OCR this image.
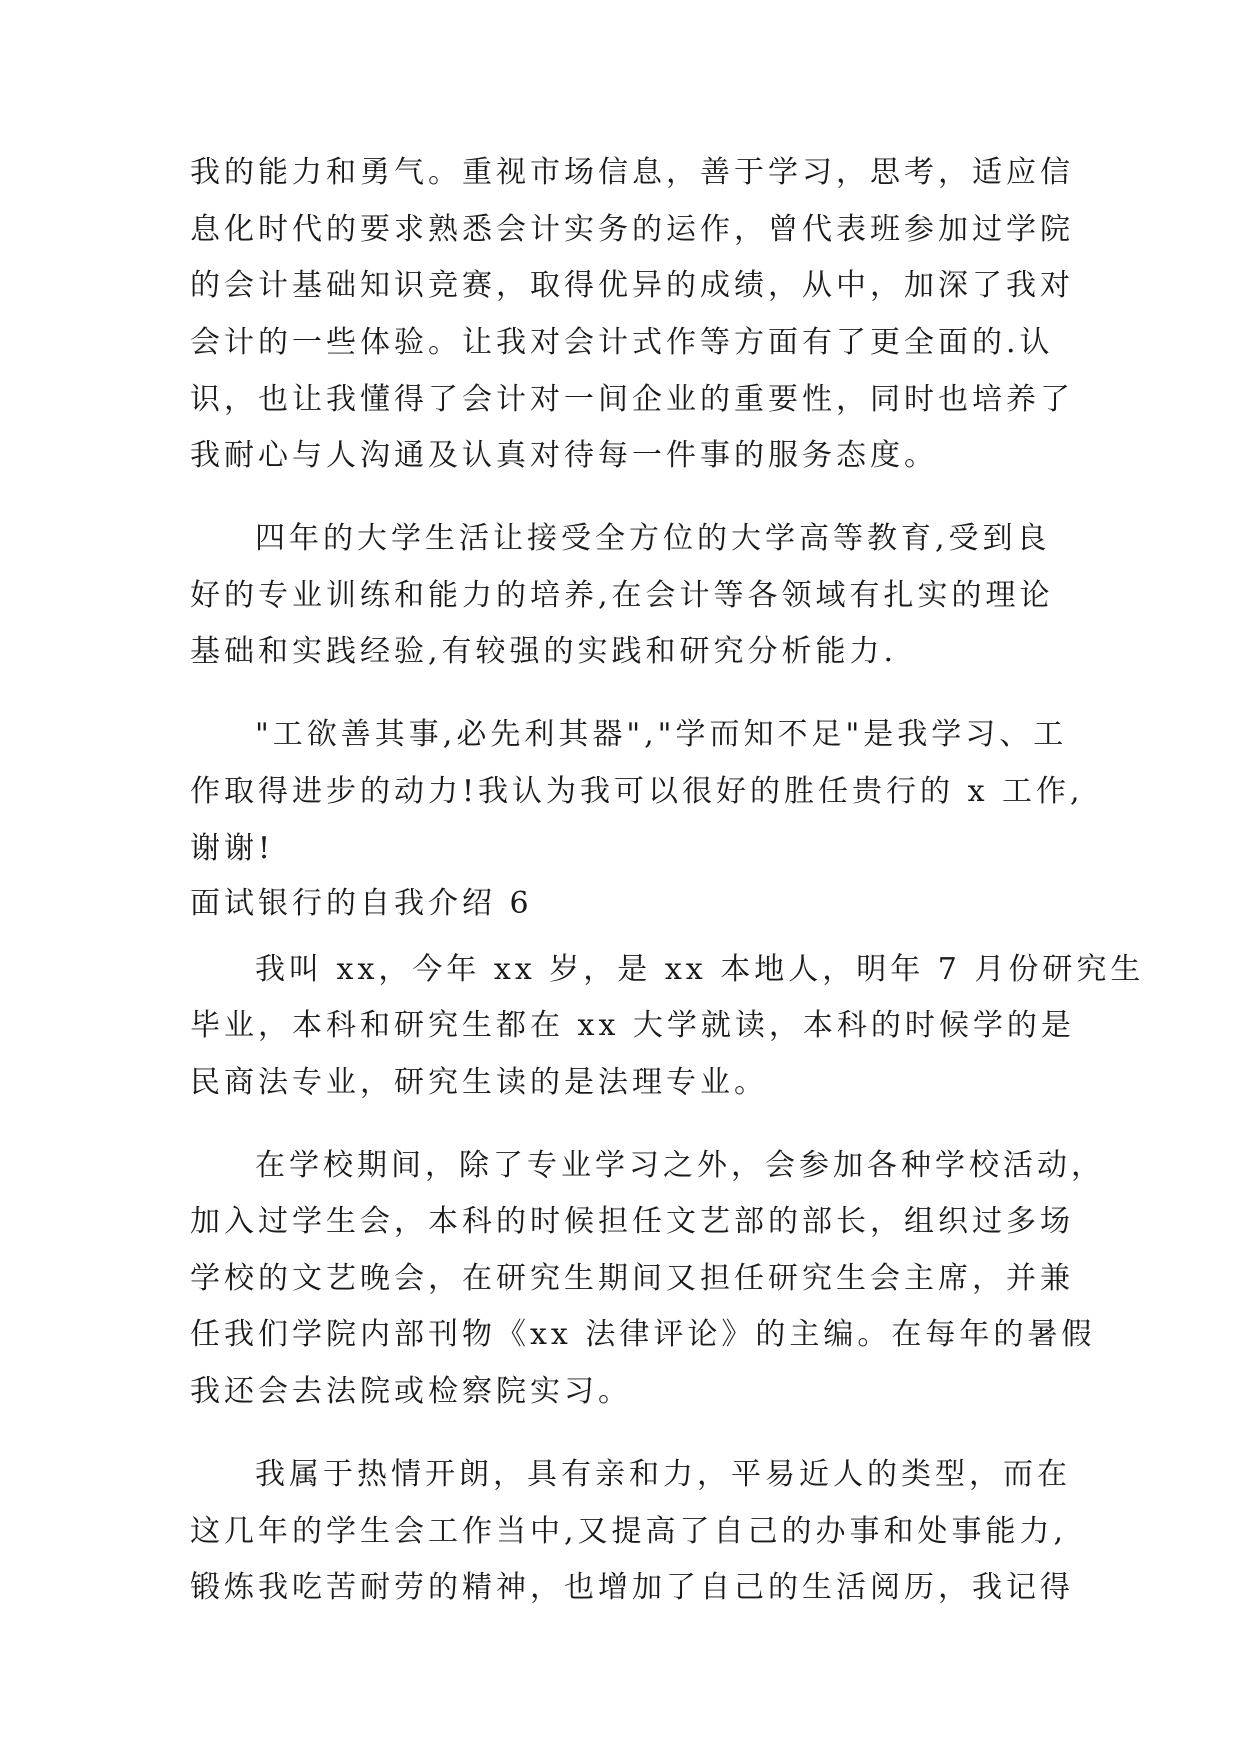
我的能力和勇气。重视市场信息，善于学习，思考，适应信
息化时代的要求熟悉会计实务的运作，曾代表班参加过学院
的会计基础知识竞赛，取得优异的成绩，从中，加深了我对
会计的一些体验。让我对会计式作等方面有了更全面的.认
识，也让我懂得了会计对一间企业的重要性，同时也培养了
我耐心与人沟通及认真对待每一件事的服务态度。
四年的大学生活让接受全方位的大学高等教育,受到良
好的专业训练和能力的培养,在会计等各领域有扎实的理论
基础和实践经验,有较强的实践和研究分析能力.
"工欲善其事,必先利其器","学而知不足"是我学习、工
作取得进步的动力!我认为我可以很好的胜任贵行的 x 工作,
谢谢!
面试银行的自我介绍 6
我叫 xx，今年 xx 岁，是 xx 本地人，明年 7 月份研究生
毕业，本科和研究生都在 xx 大学就读，本科的时候学的是
民商法专业，研究生读的是法理专业。
在学校期间，除了专业学习之外，会参加各种学校活动，
加入过学生会，本科的时候担任文艺部的部长，组织过多场
学校的文艺晚会，在研究生期间又担任研究生会主席，并兼
任我们学院内部刊物《xx 法律评论》的主编。在每年的暑假
我还会去法院或检察院实习。
我属于热情开朗，具有亲和力，平易近人的类型，而在
这几年的学生会工作当中,又提高了自己的办事和处事能力,
锻炼我吃苦耐劳的精神，也增加了自己的生活阅历，我记得
